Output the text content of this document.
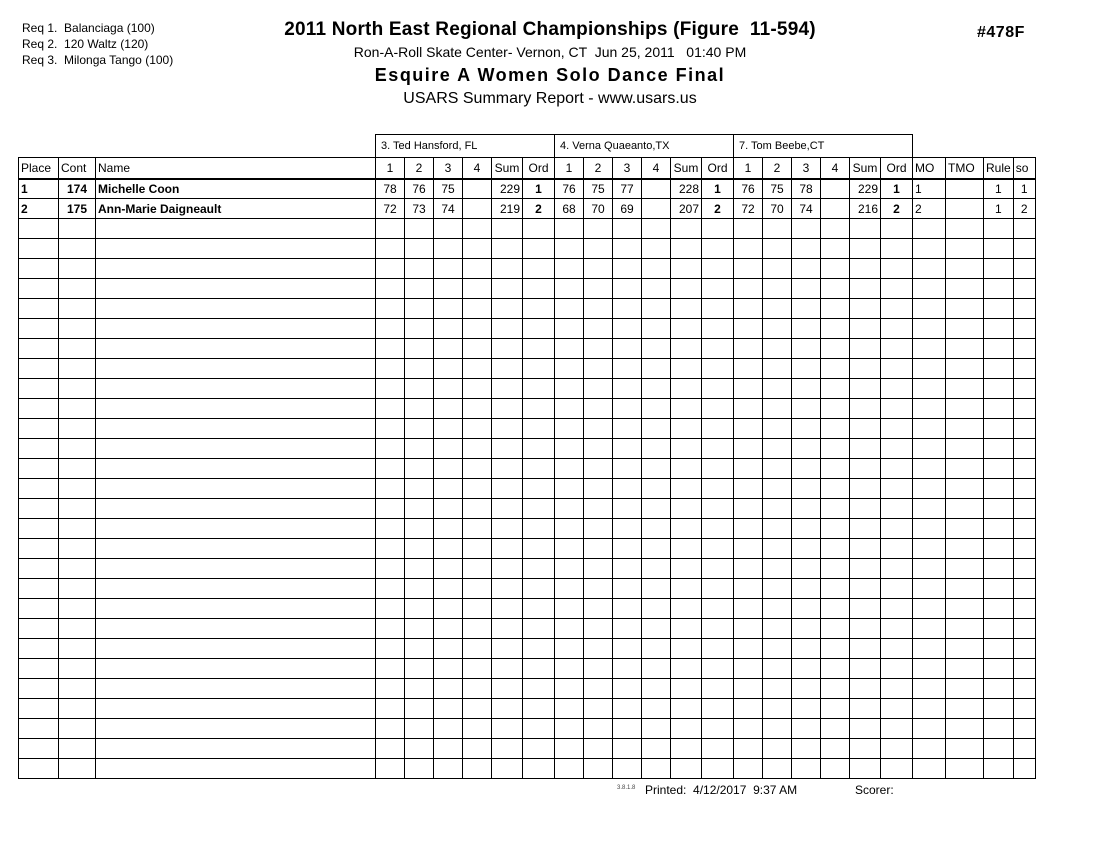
Req 1.  Balanciaga (100)
Req 2.  120 Waltz (120)
Req 3.  Milonga Tango (100)
2011 North East Regional Championships (Figure  11-594)
Ron-A-Roll Skate Center- Vernon, CT  Jun 25, 2011   01:40 PM
Esquire A Women Solo Dance Final
USARS Summary Report - www.usars.us
#478F
			3. Ted Hansford, FL						4. Verna Quaeanto,TX						7. Tom Beebe,CT									
Place	Cont	Name	1	2	3	4	Sum	Ord	1	2	3	4	Sum	Ord	1	2	3	4	Sum	Ord	MO	TMO	Rule	so
1	174	Michelle Coon	78	76	75		229	1	76	75	77		228	1	76	75	78		229	1	1		1	1
2	175	Ann-Marie Daigneault	72	73	74		219	2	68	70	69		207	2	72	70	74		216	2	2		1	2

3.8.1.8 Printed:  4/12/2017  9:37 AM	Scorer:
